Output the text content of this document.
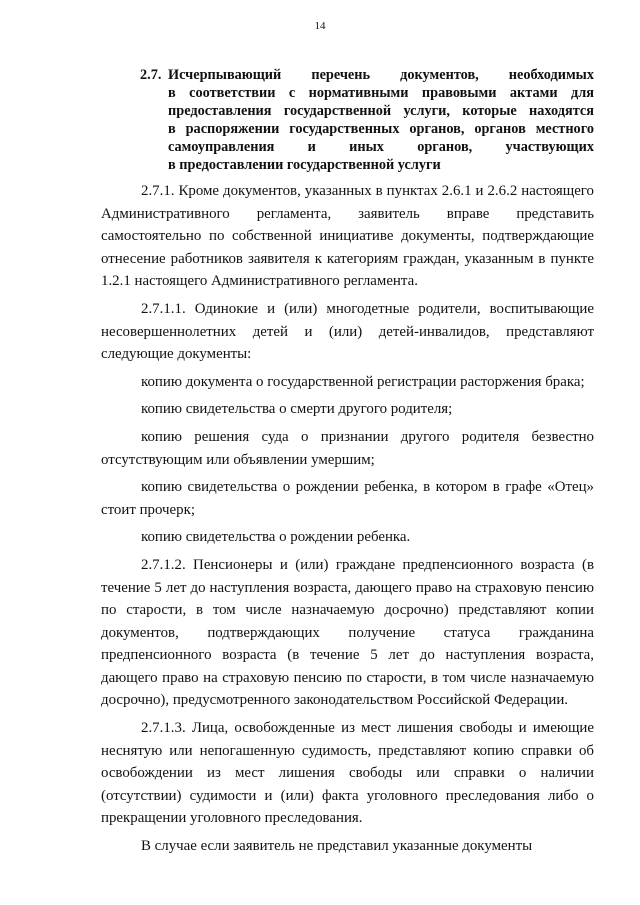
14
2.7. Исчерпывающий перечень документов, необходимых
в соответствии с нормативными правовыми актами для
предоставления государственной услуги, которые находятся
в распоряжении государственных органов, органов местного
самоуправления и иных органов, участвующих
в предоставлении государственной услуги

2.7.1. Кроме документов, указанных в пунктах 2.6.1 и 2.6.2 настоящего Административного регламента, заявитель вправе представить самостоятельно по собственной инициативе документы, подтверждающие отнесение работников заявителя к категориям граждан, указанным в пункте 1.2.1 настоящего Административного регламента.

2.7.1.1. Одинокие и (или) многодетные родители, воспитывающие несовершеннолетних детей и (или) детей-инвалидов, представляют следующие документы:

копию документа о государственной регистрации расторжения брака;

копию свидетельства о смерти другого родителя;

копию решения суда о признании другого родителя безвестно отсутствующим или объявлении умершим;

копию свидетельства о рождении ребенка, в котором в графе «Отец» стоит прочерк;

копию свидетельства о рождении ребенка.

2.7.1.2. Пенсионеры и (или) граждане предпенсионного возраста (в течение 5 лет до наступления возраста, дающего право на страховую пенсию по старости, в том числе назначаемую досрочно) представляют копии документов, подтверждающих получение статуса гражданина предпенсионного возраста (в течение 5 лет до наступления возраста, дающего право на страховую пенсию по старости, в том числе назначаемую досрочно), предусмотренного законодательством Российской Федерации.

2.7.1.3. Лица, освобожденные из мест лишения свободы и имеющие неснятую или непогашенную судимость, представляют копию справки об освобождении из мест лишения свободы или справки о наличии (отсутствии) судимости и (или) факта уголовного преследования либо о прекращении уголовного преследования.

В случае если заявитель не представил указанные документы
